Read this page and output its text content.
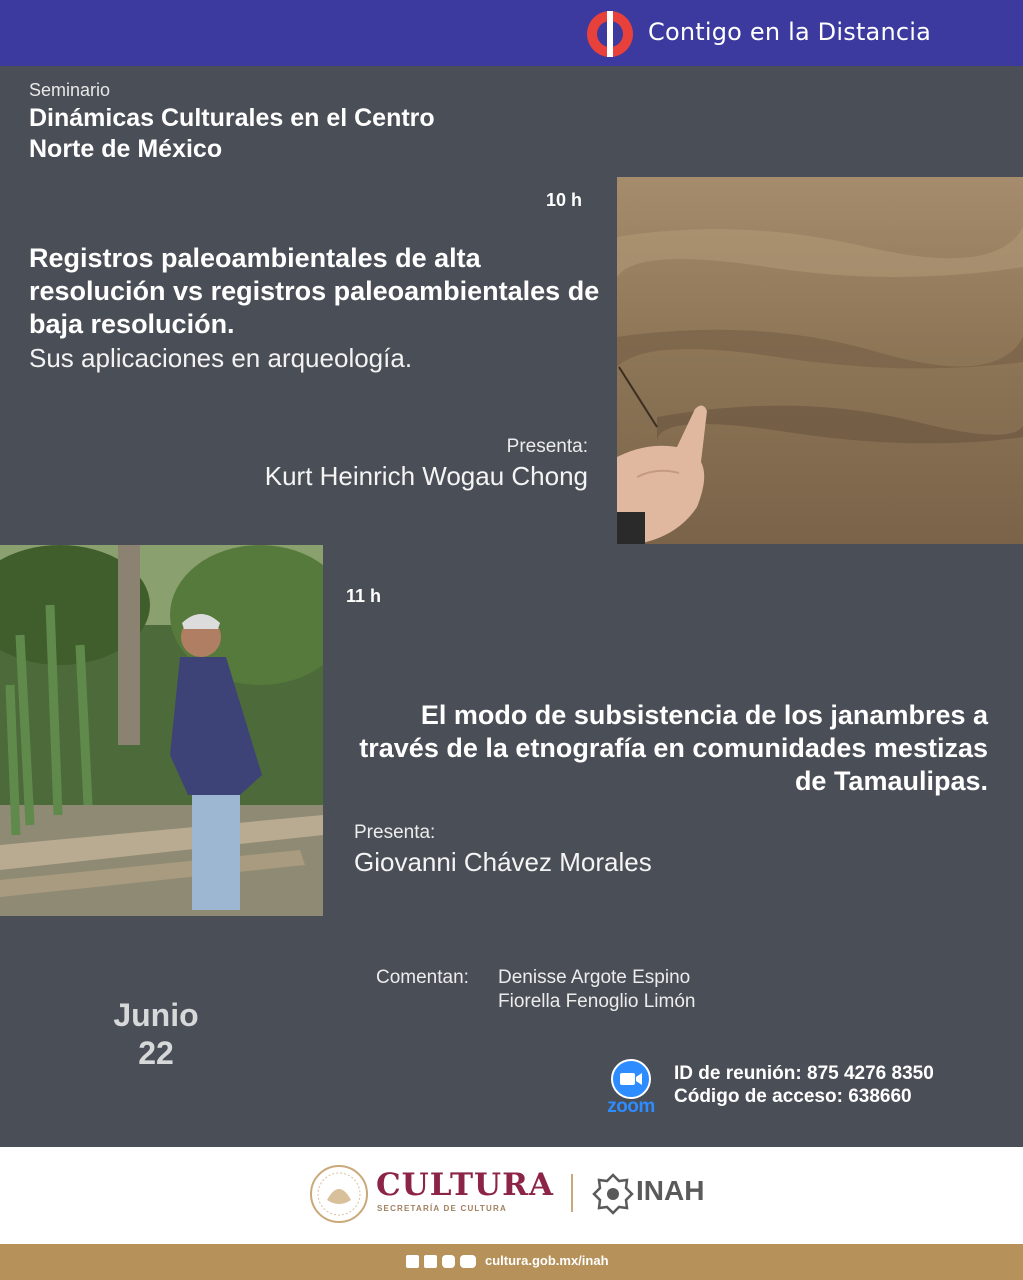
Contigo en la Distancia
Seminario
Dinámicas Culturales en el Centro Norte de México
10 h
Registros paleoambientales de alta resolución vs registros paleoambientales de baja resolución.
Sus aplicaciones en arqueología.
Presenta:
Kurt Heinrich Wogau Chong
11 h
El modo de subsistencia de los janambres a través de la etnografía en comunidades mestizas de Tamaulipas.
Presenta:
Giovanni Chávez Morales
Comentan: Denisse Argote Espino
Fiorella Fenoglio Limón
Junio
22
zoom
ID de reunión: 875 4276 8350
Código de acceso: 638660
CULTURA
SECRETARÍA DE CULTURA
INAH
cultura.gob.mx/inah
